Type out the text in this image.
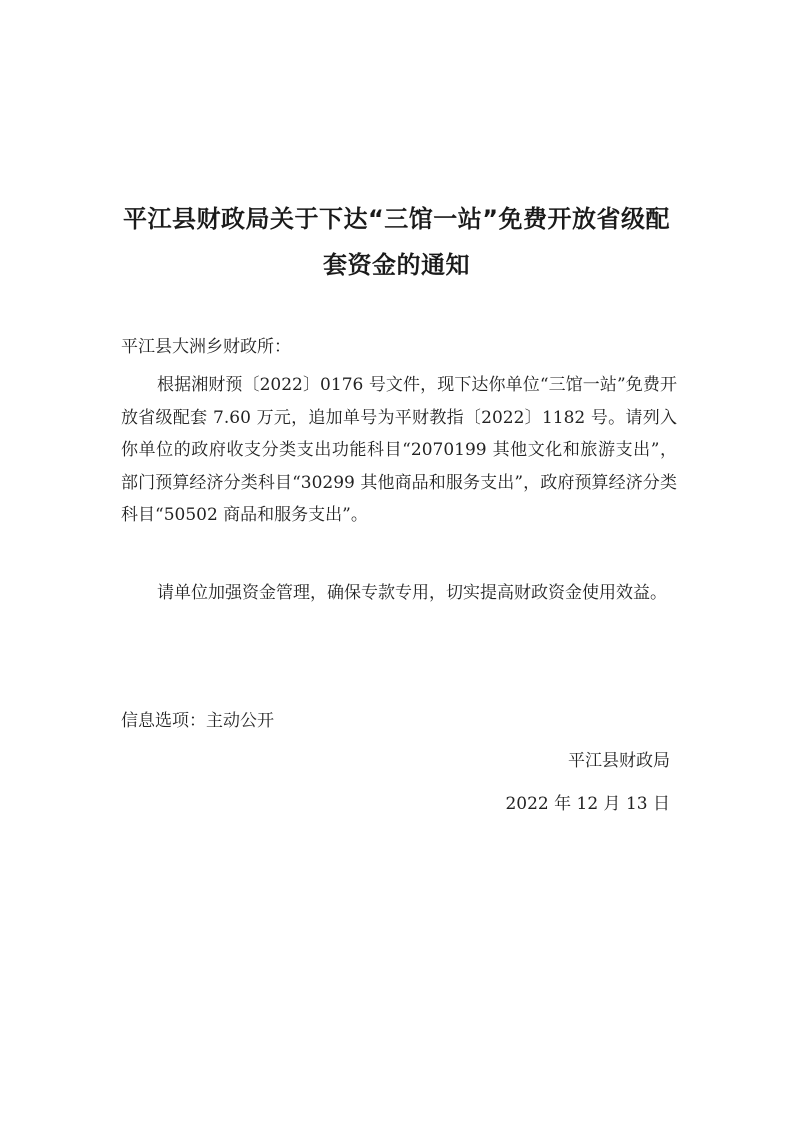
平江县财政局关于下达“三馆一站”免费开放省级配
套资金的通知

平江县大洲乡财政所：

根据湘财预〔2022〕0176 号文件，现下达你单位“三馆一站”免费开放省级配套 7.60 万元，追加单号为平财教指〔2022〕1182 号。请列入你单位的政府收支分类支出功能科目“2070199 其他文化和旅游支出”，部门预算经济分类科目“30299 其他商品和服务支出”，政府预算经济分类科目“50502 商品和服务支出”。

请单位加强资金管理，确保专款专用，切实提高财政资金使用效益。

信息选项：主动公开

平江县财政局

2022 年 12 月 13 日
